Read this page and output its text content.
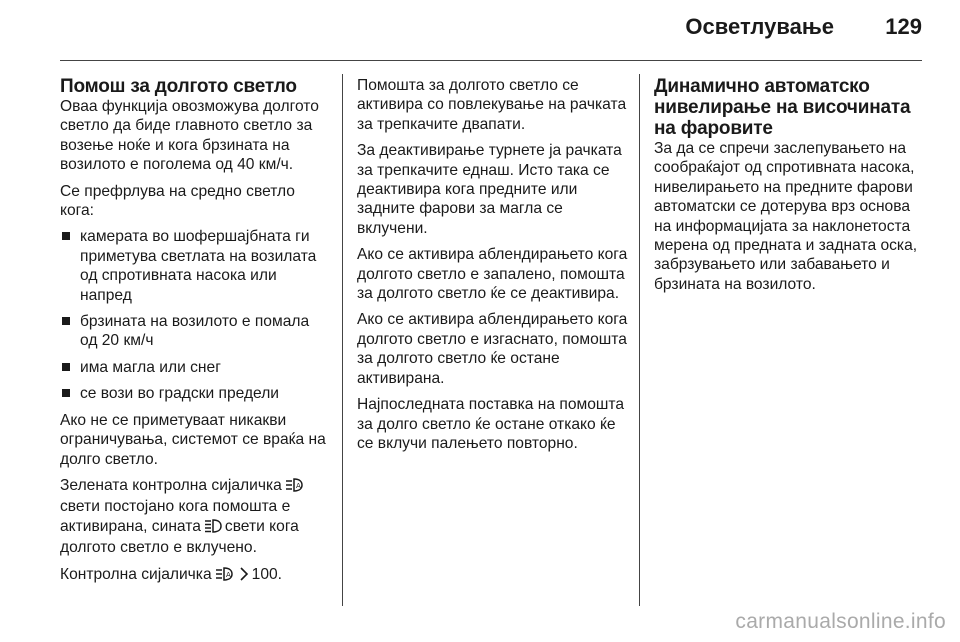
Осветлување 129
Помош за долгото светло

Оваа функција овозможува долгото светло да биде главното светло за возење ноќе и кога брзината на возилото е поголема од 40 км/ч.

Се префрлува на средно светло кога:

камерата во шофершајбната ги приметува светлата на возилата од спротивната насока или напред
брзината на возилото е помала од 20 км/ч
има магла или снег
се вози во градски предели

Ако не се приметуваат никакви ограничувања, системот се враќа на долго светло.

Зелената контролна сијаличка A
свети постојано кога помошта е активирана, сината свети кога долгото светло е вклучено.

Контролна сијаличка A 100.

Помошта за долгото светло се активира со повлекување на рачката за трепкачите двапати.

За деактивирање турнете ја рачката за трепкачите еднаш. Исто така се деактивира кога предните или задните фарови за магла се вклучени.

Ако се активира аблендирањето кога долгото светло е запалено, помошта за долгото светло ќе се деактивира.

Ако се активира аблендирањето кога долгото светло е изгаснато, помошта за долгото светло ќе остане активирана.

Најпоследната поставка на помошта за долго светло ќе остане откако ќе се вклучи палењето повторно.

Динамично автоматско нивелирање на височината на фаровите

За да се спречи заслепувањето на сообраќајот од спротивната насока, нивелирањето на предните фарови автоматски се дотерува врз основа на информацијата за наклонетоста мерена од предната и задната оска, забрзувањето или забавањето и брзината на возилото.

carmanualsonline.info
